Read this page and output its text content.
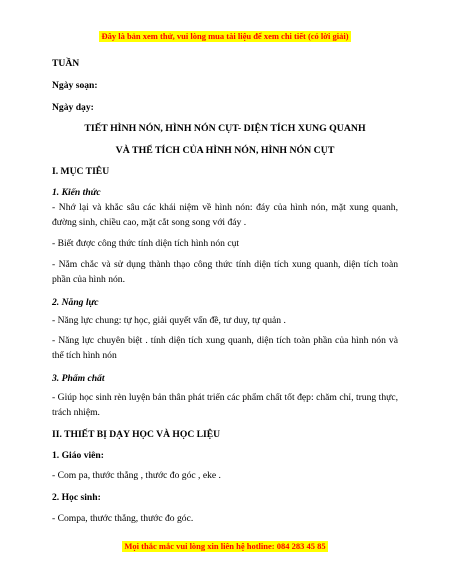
Đây là bản xem thử, vui lòng mua tài liệu để xem chi tiết (có lời giải)
TUẦN
Ngày soạn:
Ngày dạy:
TIẾT HÌNH NÓN, HÌNH NÓN CỤT- DIỆN TÍCH XUNG QUANH
VÀ THỂ TÍCH CỦA HÌNH NÓN, HÌNH NÓN CỤT
I. MỤC TIÊU
1. Kiến thức
- Nhớ lại và khắc sâu các khái niệm về hình nón: đáy của hình nón, mặt xung quanh, đường sinh, chiều cao, mặt cắt song song với đáy .
- Biết được công thức tính diện tích hình nón cụt
- Nắm chắc và sử dụng thành thạo công thức tính diện tích xung quanh, diện tích toàn phần của hình nón.
2. Năng lực
- Năng lực chung: tự học, giải quyết vấn đề, tư duy, tự quản .
- Năng lực chuyên biệt . tính diện tích xung quanh, diện tích toàn phần của hình nón và thể tích hình nón
3. Phẩm chất
- Giúp học sinh rèn luyện bản thân phát triển các phẩm chất tốt đẹp: chăm chỉ, trung thực, trách nhiệm.
II. THIẾT BỊ DẠY HỌC VÀ HỌC LIỆU
1. Giáo viên:
- Com pa, thước thẳng , thước đo góc , eke .
2. Học sinh:
- Compa, thước thẳng, thước đo góc.
Mọi thắc mắc vui lòng xin liên hệ hotline: 084 283 45 85
